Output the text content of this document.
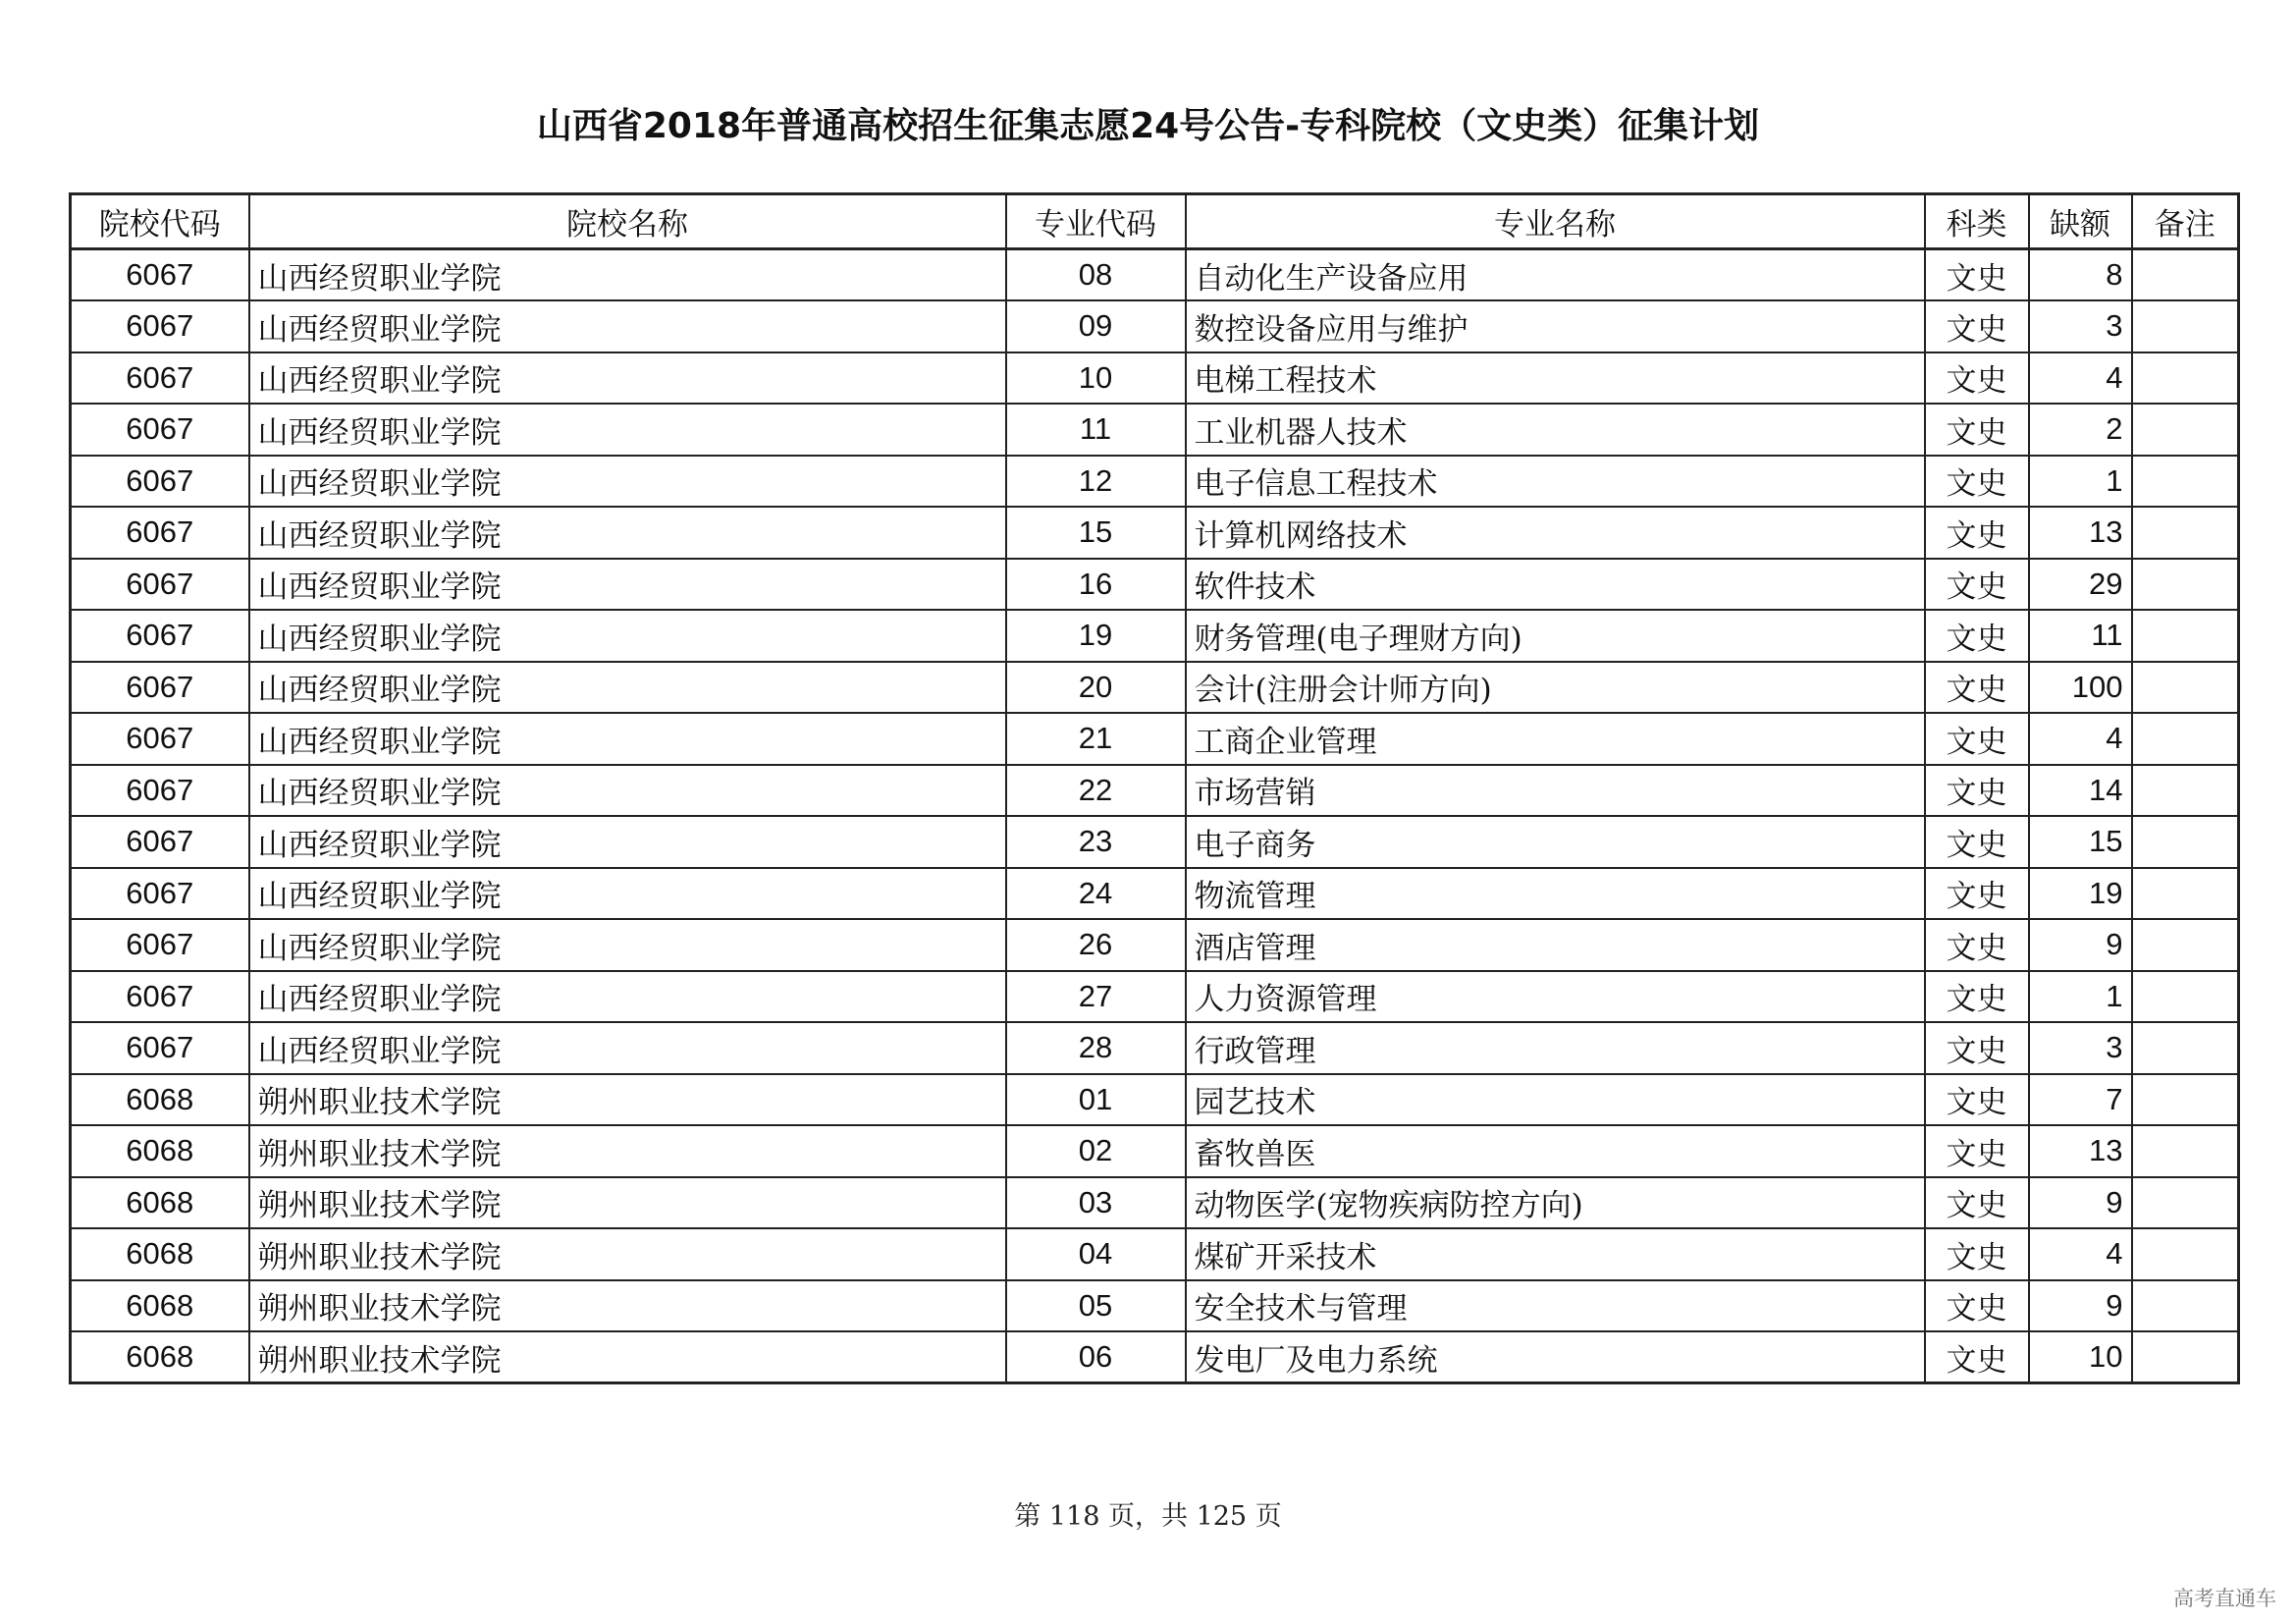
山西省2018年普通高校招生征集志愿24号公告-专科院校（文史类）征集计划
院校代码	院校名称	专业代码	专业名称	科类	缺额	备注
6067	山西经贸职业学院	08	自动化生产设备应用	文史	8	
6067	山西经贸职业学院	09	数控设备应用与维护	文史	3	
6067	山西经贸职业学院	10	电梯工程技术	文史	4	
6067	山西经贸职业学院	11	工业机器人技术	文史	2	
6067	山西经贸职业学院	12	电子信息工程技术	文史	1	
6067	山西经贸职业学院	15	计算机网络技术	文史	13	
6067	山西经贸职业学院	16	软件技术	文史	29	
6067	山西经贸职业学院	19	财务管理(电子理财方向)	文史	11	
6067	山西经贸职业学院	20	会计(注册会计师方向)	文史	100	
6067	山西经贸职业学院	21	工商企业管理	文史	4	
6067	山西经贸职业学院	22	市场营销	文史	14	
6067	山西经贸职业学院	23	电子商务	文史	15	
6067	山西经贸职业学院	24	物流管理	文史	19	
6067	山西经贸职业学院	26	酒店管理	文史	9	
6067	山西经贸职业学院	27	人力资源管理	文史	1	
6067	山西经贸职业学院	28	行政管理	文史	3	
6068	朔州职业技术学院	01	园艺技术	文史	7	
6068	朔州职业技术学院	02	畜牧兽医	文史	13	
6068	朔州职业技术学院	03	动物医学(宠物疾病防控方向)	文史	9	
6068	朔州职业技术学院	04	煤矿开采技术	文史	4	
6068	朔州职业技术学院	05	安全技术与管理	文史	9	
6068	朔州职业技术学院	06	发电厂及电力系统	文史	10	
第 118 页，共 125 页
高考直通车
